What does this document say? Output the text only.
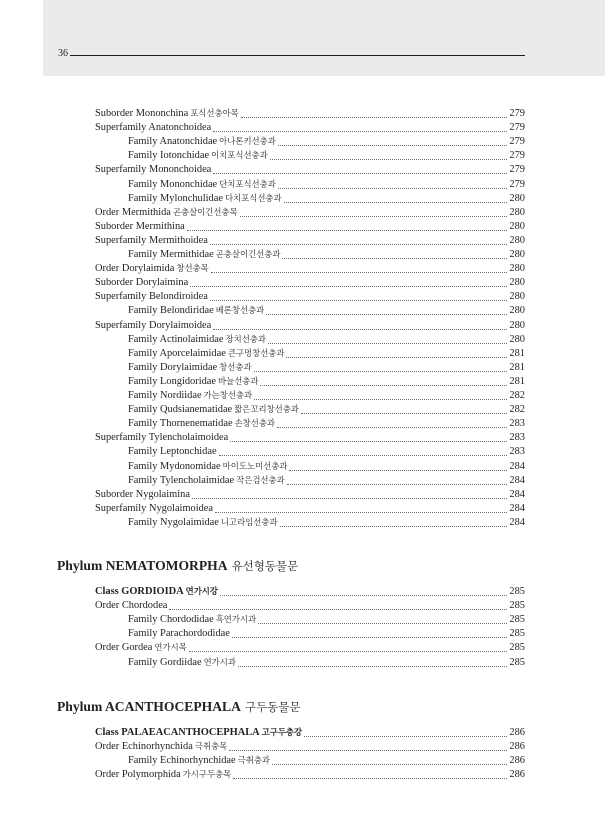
36
Suborder Mononchina 포식선충아목	279
Superfamily Anatonchoidea	279
Family Anatonchidae 아나톤키선충과	279
Family Iotonchidae 이치포식선충과	279
Superfamily Mononchoidea	279
Family Mononchidae 단치포식선충과	279
Family Mylonchulidae 다치포식선충과	280
Order Mermithida 곤충살이긴선충목	280
Suborder Mermithina	280
Superfamily Mermithoidea	280
Family Mermithidae 곤충살이긴선충과	280
Order Dorylaimida 창선충목	280
Suborder Dorylaimina	280
Superfamily Belondiroidea	280
Family Belondiridae 베론창선충과	280
Superfamily Dorylaimoidea	280
Family Actinolaimidae 장치선충과	280
Family Aporcelaimidae 큰구멍창선충과	281
Family Dorylaimidae 창선충과	281
Family Longidoridae 바늘선충과	281
Family Nordiidae 가는창선충과	282
Family Qudsianematidae 짧은꼬리창선충과	282
Family Thornenematidae 손창선충과	283
Superfamily Tylencholaimoidea	283
Family Leptonchidae	283
Family Mydonomidae 마이도노미선충과	284
Family Tylencholaimidae 작은검선충과	284
Suborder Nygolaimina	284
Superfamily Nygolaimoidea	284
Family Nygolaimidae 니고라임선충과	284
Phylum NEMATOMORPHA 유선형동물문
Class GORDIOIDA 연가시강	285
Order Chordodea	285
Family Chordodidae 흑연가시과	285
Family Parachordodidae	285
Order Gordea 연가시목	285
Family Gordiidae 연가시과	285
Phylum ACANTHOCEPHALA 구두동물문
Class PALAEACANTHOCEPHALA 고구두충강	286
Order Echinorhynchida 극취충목	286
Family Echinorhynchidae 극취충과	286
Order Polymorphida 가시구두충목	286
